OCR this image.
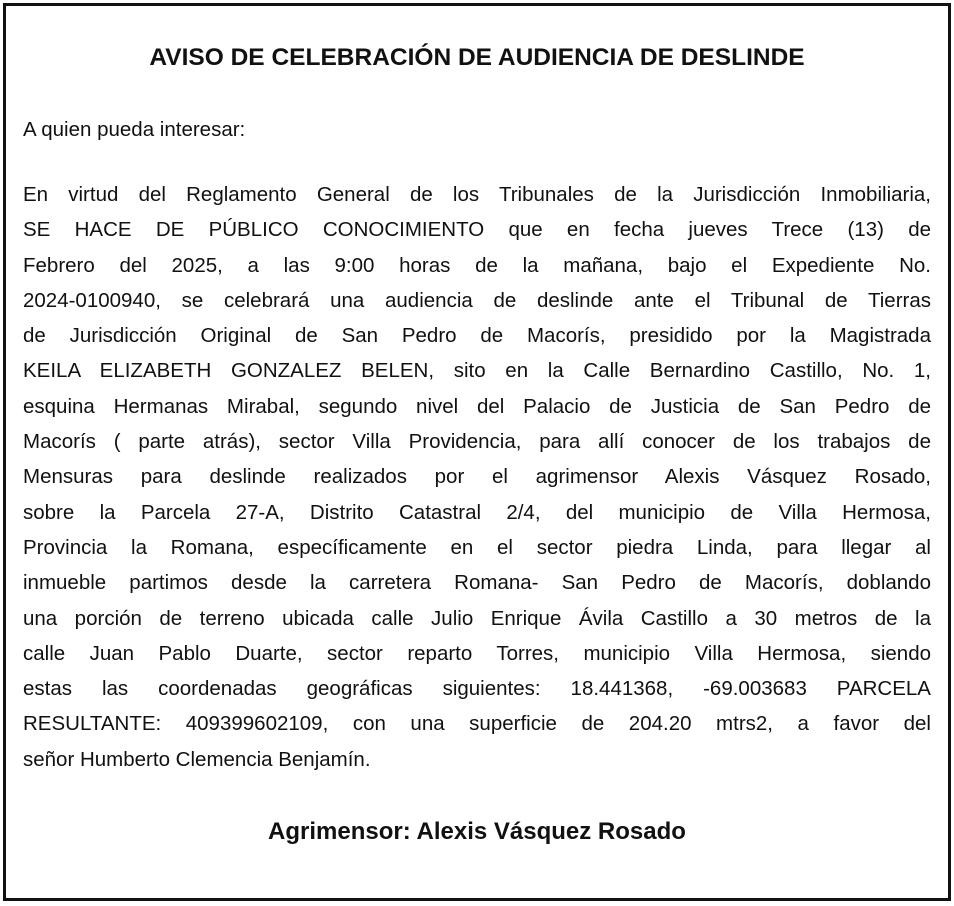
AVISO DE CELEBRACIÓN DE AUDIENCIA DE DESLINDE
A quien pueda interesar:
En virtud del Reglamento General de los Tribunales de la Jurisdicción Inmobiliaria,
SE HACE DE PÚBLICO CONOCIMIENTO que en fecha jueves Trece (13) de
Febrero del 2025, a las 9:00 horas de la mañana, bajo el Expediente No.
2024-0100940, se celebrará una audiencia de deslinde ante el Tribunal de Tierras
de Jurisdicción Original de San Pedro de Macorís, presidido por la Magistrada
KEILA ELIZABETH GONZALEZ BELEN, sito en la Calle Bernardino Castillo, No. 1,
esquina Hermanas Mirabal, segundo nivel del Palacio de Justicia de San Pedro de
Macorís ( parte atrás), sector Villa Providencia, para allí conocer de los trabajos de
Mensuras para deslinde realizados por el agrimensor Alexis Vásquez Rosado,
sobre la Parcela 27-A, Distrito Catastral 2/4, del municipio de Villa Hermosa,
Provincia la Romana, específicamente en el sector piedra Linda, para llegar al
inmueble partimos desde la carretera Romana- San Pedro de Macorís, doblando
una porción de terreno ubicada calle Julio Enrique Ávila Castillo a 30 metros de la
calle Juan Pablo Duarte, sector reparto Torres, municipio Villa Hermosa, siendo
estas las coordenadas geográficas siguientes: 18.441368, -69.003683 PARCELA
RESULTANTE: 409399602109, con una superficie de 204.20 mtrs2, a favor del
señor Humberto Clemencia Benjamín.
Agrimensor: Alexis Vásquez Rosado
